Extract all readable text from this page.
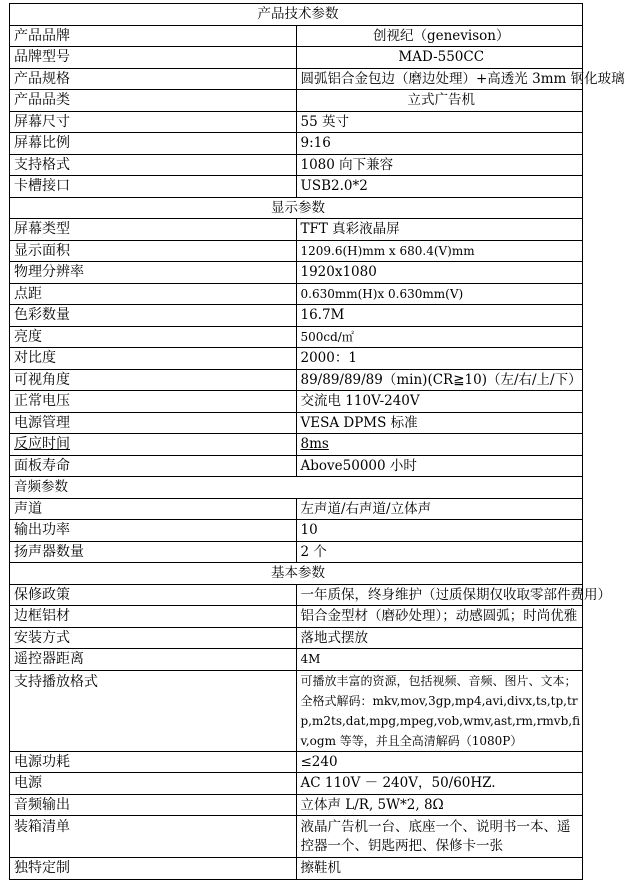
产品技术参数	
产品品牌	创视纪（genevison）
品牌型号	MAD-550CC
产品规格	圆弧铝合金包边（磨边处理）+高透光 3mm 钢化玻璃
产品品类	立式广告机
屏幕尺寸	55 英寸
屏幕比例	9:16
支持格式	1080 向下兼容
卡槽接口	USB2.0*2
显示参数	
屏幕类型	TFT 真彩液晶屏
显示面积	1209.6(H)mm x 680.4(V)mm
物理分辨率	1920x1080
点距	0.630mm(H)x 0.630mm(V)
色彩数量	16.7M
亮度	500cd/㎡
对比度	2000：1
可视角度	89/89/89/89（min)(CR≧10)（左/右/上/下）
正常电压	交流电 110V-240V
电源管理	VESA DPMS 标准
反应时间	8ms
面板寿命	Above50000 小时
音频参数	
声道	左声道/右声道/立体声
输出功率	10
扬声器数量	2 个
基本参数	
保修政策	一年质保，终身维护（过质保期仅收取零部件费用）
边框铝材	铝合金型材（磨砂处理）；动感圆弧；时尚优雅
安装方式	落地式摆放
遥控器距离	4M
支持播放格式	可播放丰富的资源，包括视频、音频、图片、文本；全格式解码：mkv,mov,3gp,mp4,avi,divx,ts,tp,trp,m2ts,dat,mpg,mpeg,vob,wmv,ast,rm,rmvb,fiv,ogm 等等，并且全高清解码（1080P）
电源功耗	≤240
电源	AC 110V － 240V，50/60HZ.
音频输出	立体声 L/R, 5W*2, 8Ω
装箱清单	液晶广告机一台、底座一个、说明书一本、遥控器一个、钥匙两把、保修卡一张
独特定制	擦鞋机
